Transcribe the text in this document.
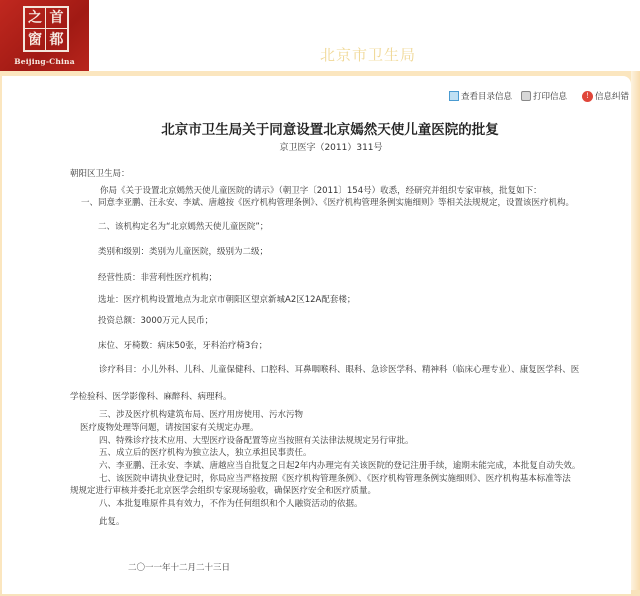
之 首
窗 都
Beijing-China	北京市卫生局
查看目录信息 打印信息	! 信息纠错
北京市卫生局关于同意设置北京嫣然天使儿童医院的批复
京卫医字（2011）311号
朝阳区卫生局：
你局《关于设置北京嫣然天使儿童医院的请示》（朝卫字〔2011〕154号）收悉，经研究并组织专家审核，批复如下：
一、同意李亚鹏、汪永安、李斌、唐越按《医疗机构管理条例》、《医疗机构管理条例实施细则》等相关法规规定，设置该医疗机构。
二、该机构定名为“北京嫣然天使儿童医院”；
类别和级别：类别为儿童医院，级别为二级；
经营性质：非营利性医疗机构；
选址：医疗机构设置地点为北京市朝阳区望京新城A2区12A配套楼；
投资总额：3000万元人民币；
床位、牙椅数：病床50张，牙科治疗椅3台；
诊疗科目：小儿外科、儿科、儿童保健科、口腔科、耳鼻咽喉科、眼科、急诊医学科、精神科（临床心理专业）、康复医学科、医
学检验科、医学影像科、麻醉科、病理科。
三、涉及医疗机构建筑布局、医疗用房使用、污水污物
医疗废物处理等问题，请按国家有关规定办理。
四、特殊诊疗技术应用、大型医疗设备配置等应当按照有关法律法规规定另行审批。
五、成立后的医疗机构为独立法人，独立承担民事责任。
六、李亚鹏、汪永安、李斌、唐越应当自批复之日起2年内办理完有关该医院的登记注册手续，逾期未能完成，本批复自动失效。
七、该医院申请执业登记时，你局应当严格按照《医疗机构管理条例》、《医疗机构管理条例实施细则》、医疗机构基本标准等法
规规定进行审核并委托北京医学会组织专家现场验收，确保医疗安全和医疗质量。
八、本批复唯原件具有效力，不作为任何组织和个人融资活动的依据。
此复。
二〇一一年十二月二十三日
